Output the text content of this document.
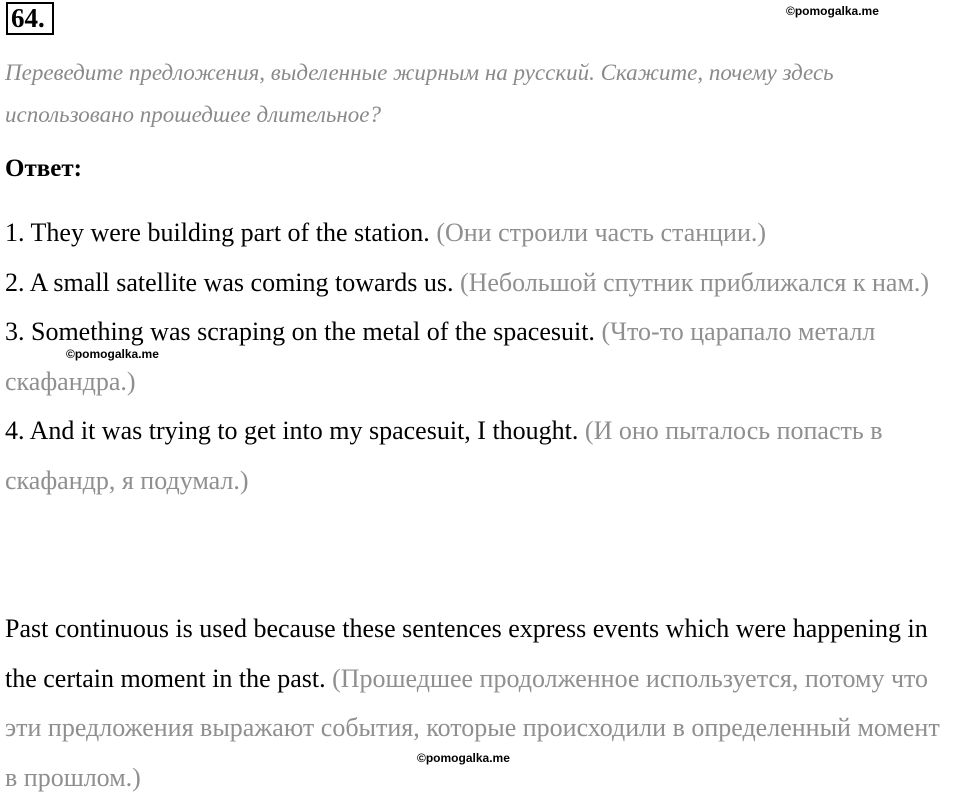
64.	©pomogalka.me
Переведите предложения, выделенные жирным на русский. Скажите, почему здесь использовано прошедшее длительное?
Ответ:
1. They were building part of the station. (Они строили часть станции.)
2. A small satellite was coming towards us. (Небольшой спутник приближался к нам.)
3. Something was scraping on the metal of the spacesuit. (Что-то царапало металл скафандра.)
4. And it was trying to get into my spacesuit, I thought. (И оно пыталось попасть в скафандр, я подумал.)
©pomogalka.me
Past continuous is used because these sentences express events which were happening in the certain moment in the past. (Прошедшее продолженное используется, потому что эти предложения выражают события, которые происходили в определенный момент в прошлом.)
©pomogalka.me
